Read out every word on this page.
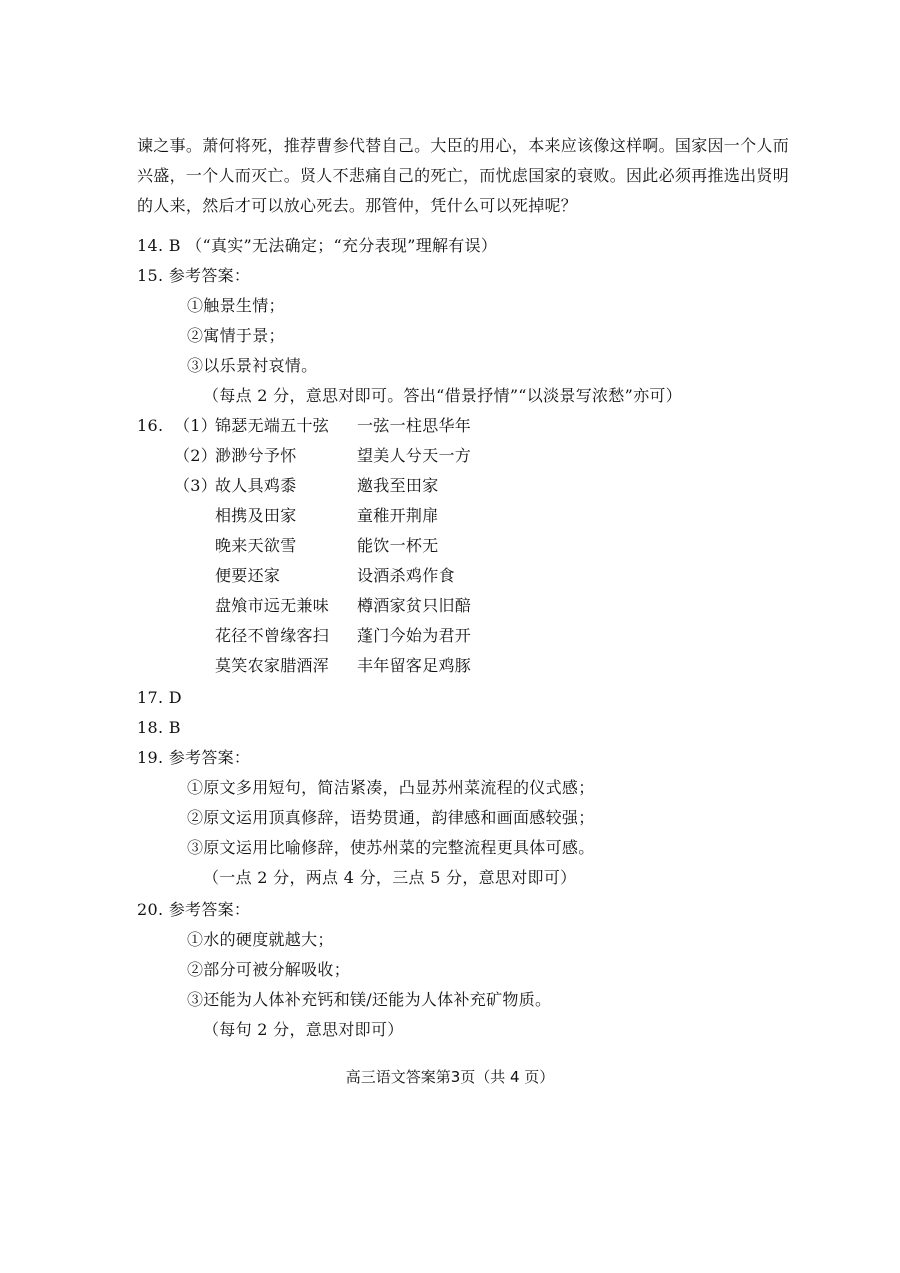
谏之事。萧何将死，推荐曹参代替自己。大臣的用心，本来应该像这样啊。国家因一个人而
兴盛，一个人而灭亡。贤人不悲痛自己的死亡，而忧虑国家的衰败。因此必须再推选出贤明
的人来，然后才可以放心死去。那管仲，凭什么可以死掉呢？
14. B （“真实”无法确定；“充分表现”理解有误）
15. 参考答案：
①触景生情；
②寓情于景；
③以乐景衬哀情。
（每点 2 分，意思对即可。答出“借景抒情”“以淡景写浓愁”亦可）
16. （1）
锦瑟无端五十弦 一弦一柱思华年
（2）
渺渺兮予怀	望美人兮天一方
（3）
故人具鸡黍	邀我至田家
相携及田家	童稚开荆扉
晚来天欲雪	能饮一杯无
便要还家	设酒杀鸡作食
盘飧市远无兼味 樽酒家贫只旧醅
花径不曾缘客扫 蓬门今始为君开
莫笑农家腊酒浑 丰年留客足鸡豚
17. D
18. B
19. 参考答案：
①原文多用短句，简洁紧凑，凸显苏州菜流程的仪式感；
②原文运用顶真修辞，语势贯通，韵律感和画面感较强；
③原文运用比喻修辞，使苏州菜的完整流程更具体可感。
（一点 2 分，两点 4 分，三点 5 分，意思对即可）
20. 参考答案：
①水的硬度就越大；
②部分可被分解吸收；
③还能为人体补充钙和镁/还能为人体补充矿物质。
（每句 2 分，意思对即可）
高三语文答案第3页（共 4 页）
